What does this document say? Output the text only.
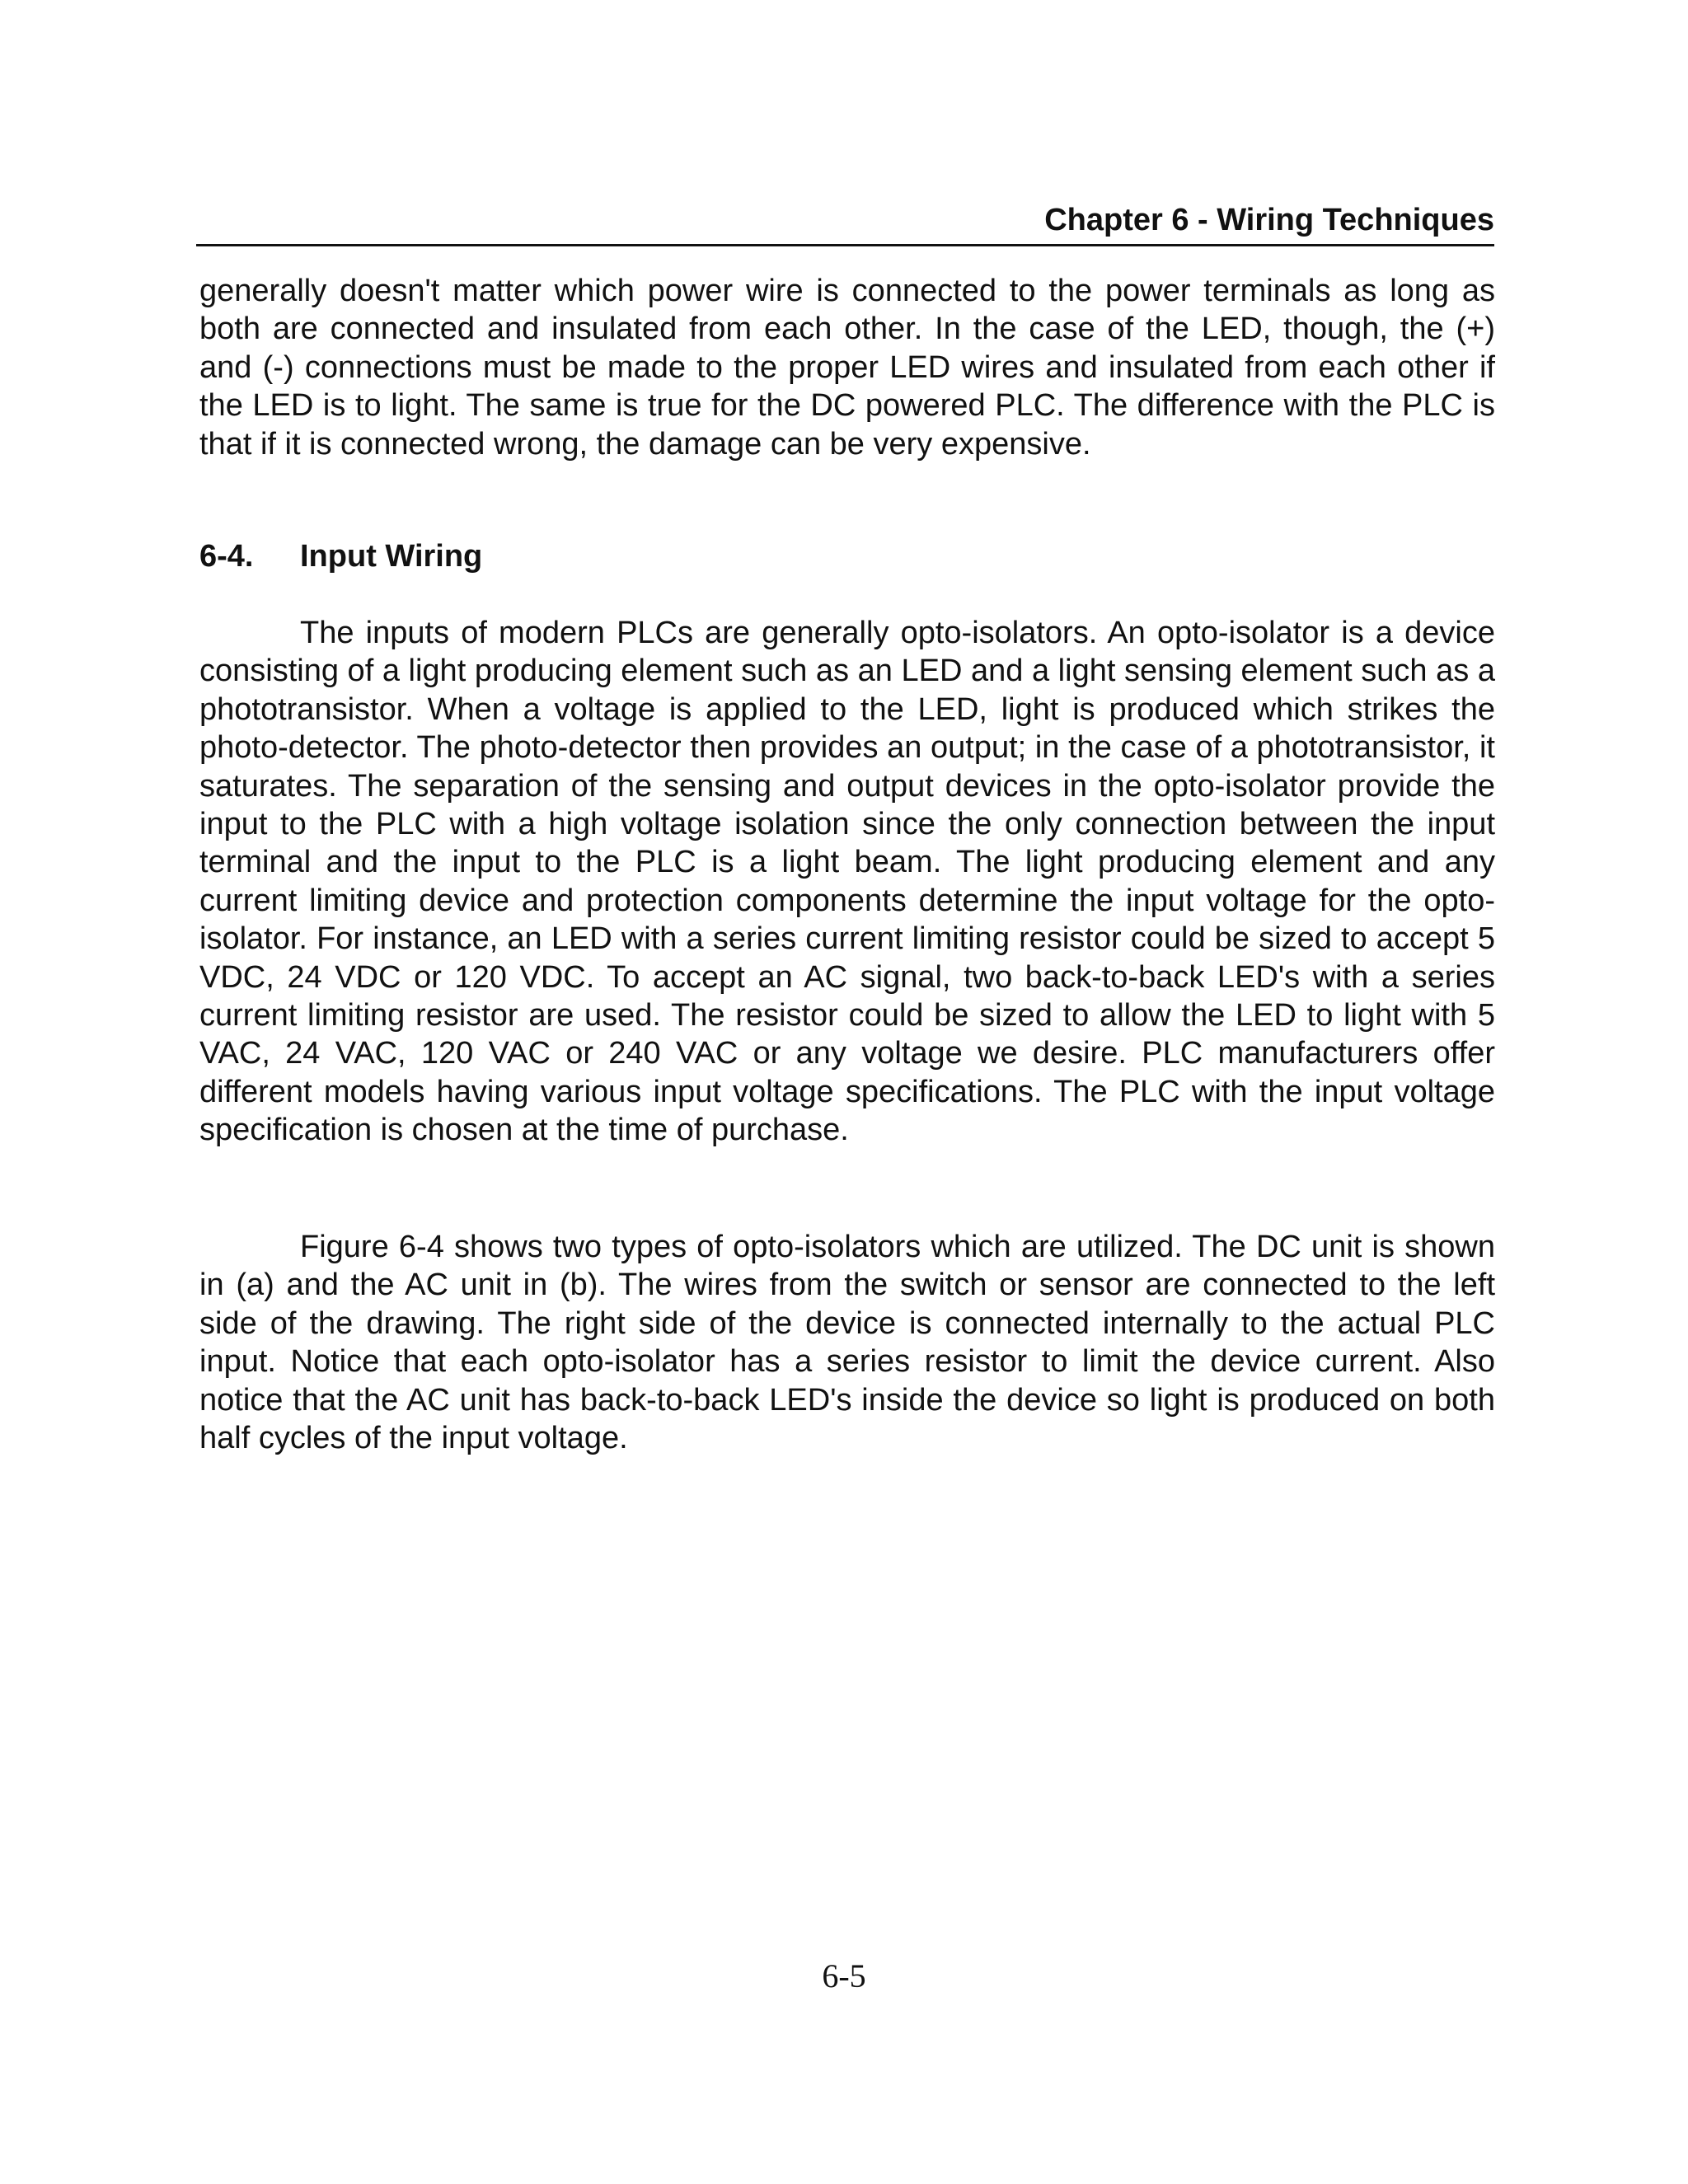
Chapter 6 - Wiring Techniques

generally doesn't matter which power wire is connected to the power terminals as long as both are connected and insulated from each other. In the case of the LED, though, the (+) and (-) connections must be made to the proper LED wires and insulated from each other if the LED is to light. The same is true for the DC powered PLC. The difference with the PLC is that if it is connected wrong, the damage can be very expensive.

6-4. Input Wiring

The inputs of modern PLCs are generally opto-isolators. An opto-isolator is a device consisting of a light producing element such as an LED and a light sensing element such as a phototransistor. When a voltage is applied to the LED, light is produced which strikes the photo-detector. The photo-detector then provides an output; in the case of a phototransistor, it saturates. The separation of the sensing and output devices in the opto-isolator provide the input to the PLC with a high voltage isolation since the only connection between the input terminal and the input to the PLC is a light beam. The light producing element and any current limiting device and protection components determine the input voltage for the opto-isolator. For instance, an LED with a series current limiting resistor could be sized to accept 5 VDC, 24 VDC or 120 VDC. To accept an AC signal, two back-to-back LED's with a series current limiting resistor are used. The resistor could be sized to allow the LED to light with 5 VAC, 24 VAC, 120 VAC or 240 VAC or any voltage we desire. PLC manufacturers offer different models having various input voltage specifications. The PLC with the input voltage specification is chosen at the time of purchase.

Figure 6-4 shows two types of opto-isolators which are utilized. The DC unit is shown in (a) and the AC unit in (b). The wires from the switch or sensor are connected to the left side of the drawing. The right side of the device is connected internally to the actual PLC input. Notice that each opto-isolator has a series resistor to limit the device current. Also notice that the AC unit has back-to-back LED's inside the device so light is produced on both half cycles of the input voltage.

6-5
